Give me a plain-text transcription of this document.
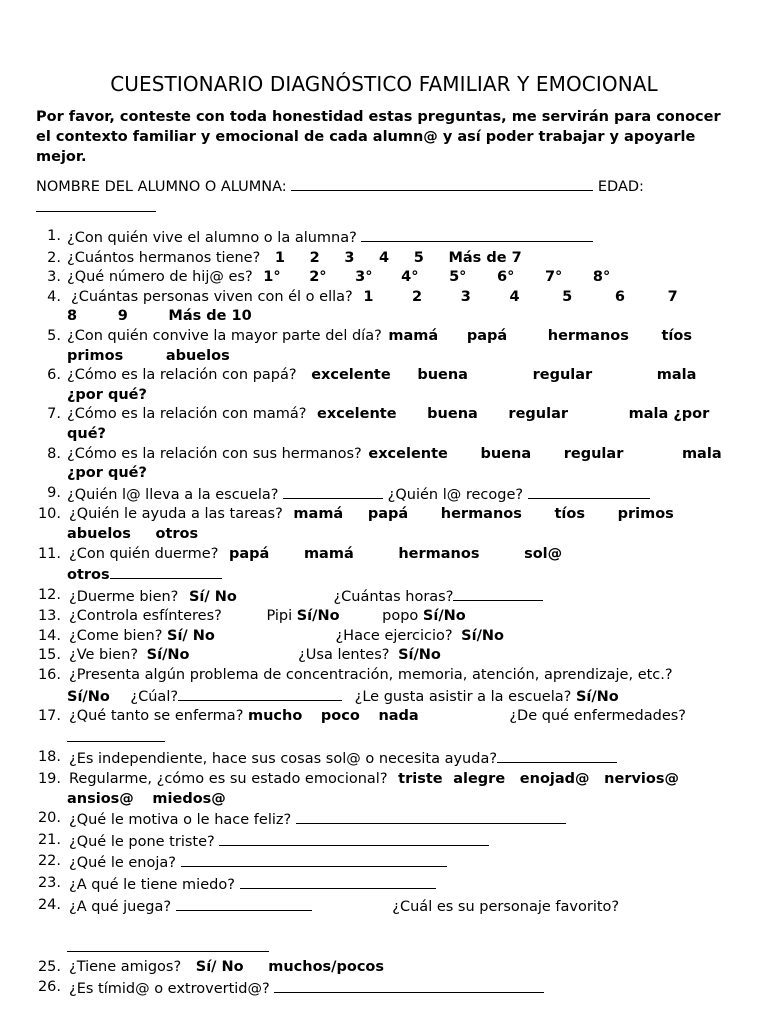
CUESTIONARIO DIAGNÓSTICO FAMILIAR Y EMOCIONAL
Por favor, conteste con toda honestidad estas preguntas, me servirán para conocer el contexto familiar y emocional de cada alumn@ y así poder trabajar y apoyarle mejor.
NOMBRE DEL ALUMNO O ALUMNA:	EDAD:

1. ¿Con quién vive el alumno o la alumna?
2. ¿Cuántos hermanos tiene? 1 2 3 4 5 Más de 7
3. ¿Qué número de hij@ es? 1° 2° 3° 4° 5° 6° 7° 8°
4. ¿Cuántas personas viven con él o ella? 1	2	3	4	5	6	7
8	9	Más de 10
5. ¿Con quién convive la mayor parte del día? mamá papá	hermanos tíos
primos	abuelos
6. ¿Cómo es la relación con papá? excelente buena	regular	mala
¿por qué?
7. ¿Cómo es la relación con mamá? excelente buena regular	mala ¿por
qué?
8. ¿Cómo es la relación con sus hermanos? excelente buena regular	mala
¿por qué?
9. ¿Quién l@ lleva a la escuela?	¿Quién l@ recoge?
10. ¿Quién le ayuda a las tareas? mamá papá hermanos tíos primos
abuelos otros
11. ¿Con quién duerme? papá mamá	hermanos	sol@
otros
12. ¿Duerme bien? Sí/ No	¿Cuántas horas?
13. ¿Controla esfínteres?	Pipi Sí/No	popo Sí/No
14. ¿Come bien? Sí/ No	¿Hace ejercicio? Sí/No
15. ¿Ve bien? Sí/No	¿Usa lentes? Sí/No
16. ¿Presenta algún problema de concentración, memoria, atención, aprendizaje, etc.?
Sí/No ¿Cúal?	¿Le gusta asistir a la escuela? Sí/No
17. ¿Qué tanto se enferma? mucho poco nada	¿De qué enfermedades?

18. ¿Es independiente, hace sus cosas sol@ o necesita ayuda?
19. Regularme, ¿cómo es su estado emocional? triste alegre enojad@ nervios@
ansios@ miedos@
20. ¿Qué le motiva o le hace feliz?
21. ¿Qué le pone triste?
22. ¿Qué le enoja?
23. ¿A qué le tiene miedo?
24. ¿A qué juega?	¿Cuál es su personaje favorito?

25. ¿Tiene amigos? Sí/ No muchos/pocos
26. ¿Es tímid@ o extrovertid@?
